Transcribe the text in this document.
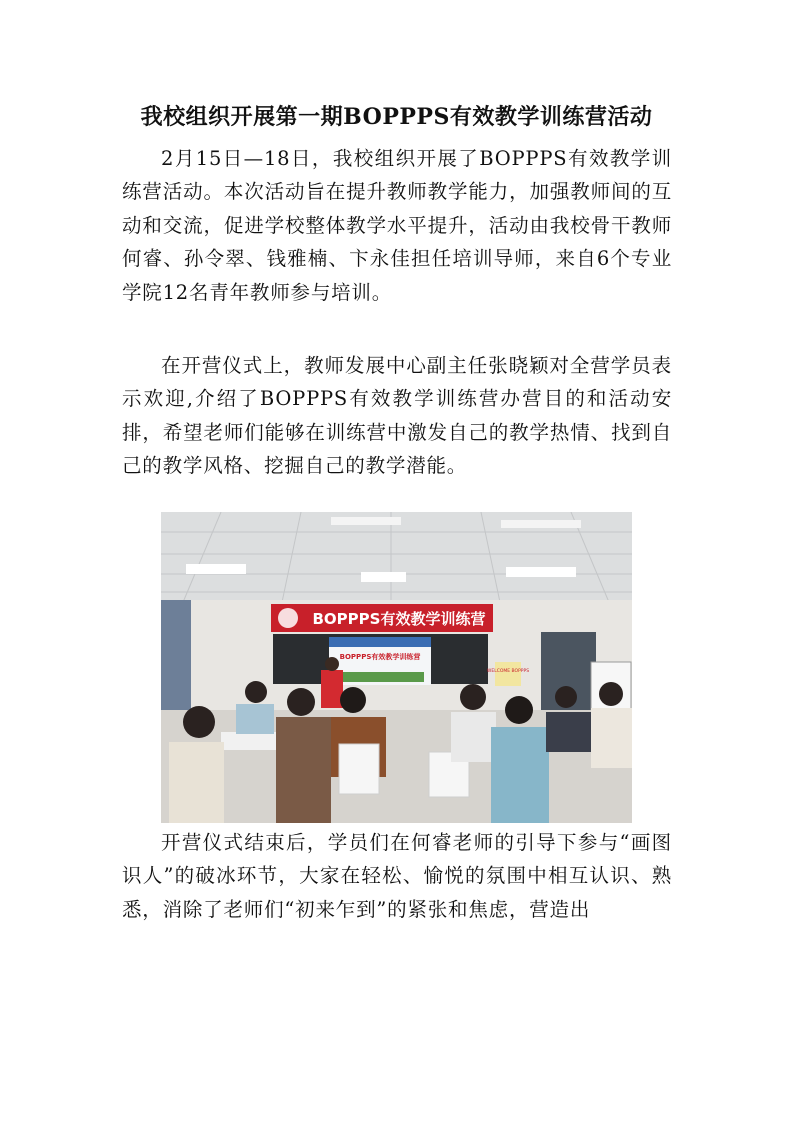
我校组织开展第一期BOPPPS有效教学训练营活动

2月15日—18日，我校组织开展了BOPPPS有效教学训练营活动。本次活动旨在提升教师教学能力，加强教师间的互动和交流，促进学校整体教学水平提升，活动由我校骨干教师何睿、孙令翠、钱雅楠、卞永佳担任培训导师，来自6个专业学院12名青年教师参与培训。

在开营仪式上，教师发展中心副主任张晓颖对全营学员表示欢迎,介绍了BOPPPS有效教学训练营办营目的和活动安排，希望老师们能够在训练营中激发自己的教学热情、找到自己的教学风格、挖掘自己的教学潜能。

BOPPPS有效教学训练营
BOPPPS有效教学训练营
WELCOME BOPPPS

开营仪式结束后，学员们在何睿老师的引导下参与“画图识人”的破冰环节，大家在轻松、愉悦的氛围中相互认识、熟悉，消除了老师们“初来乍到”的紧张和焦虑，营造出
